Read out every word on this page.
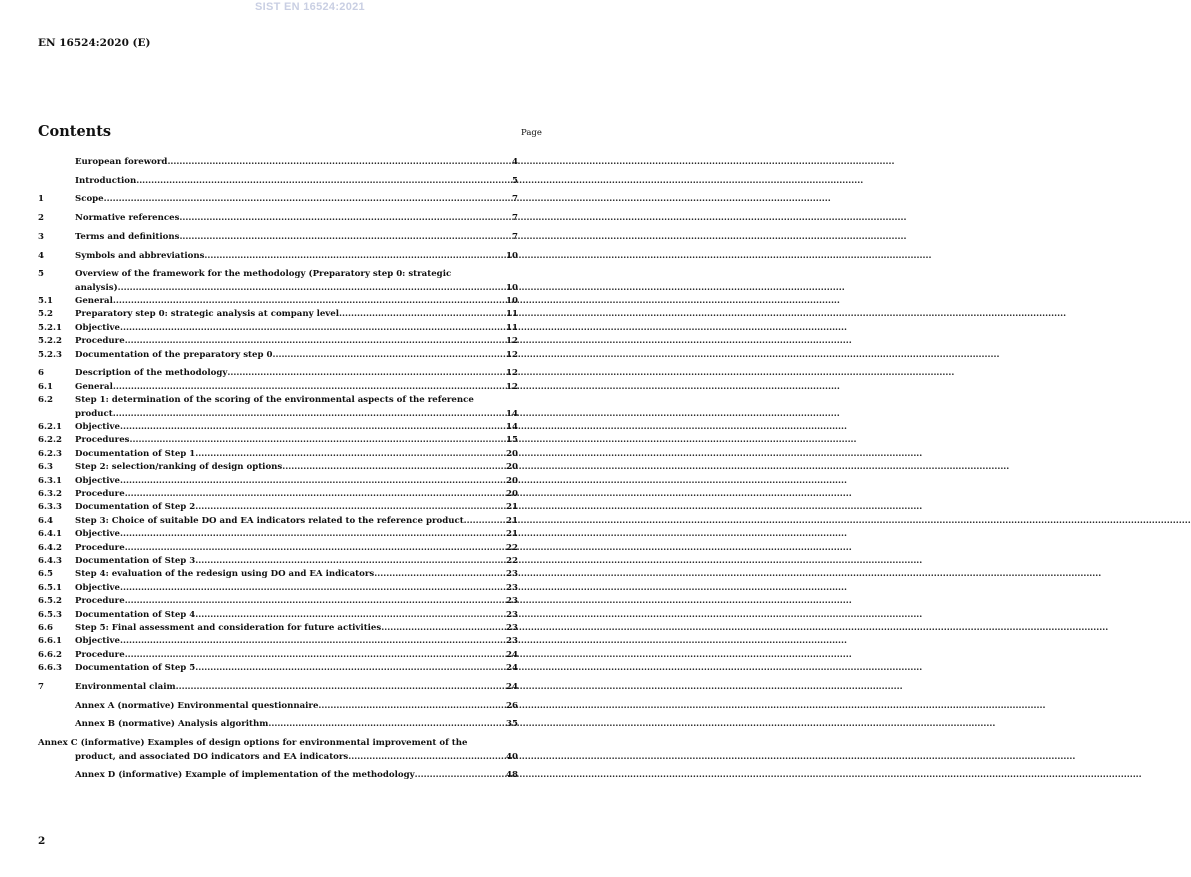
SIST EN 16524:2021
EN 16524:2020 (E)
Contents	Page
European foreword .....	4
Introduction .....	5
1	Scope .....	7
2	Normative references .....	7
3	Terms and definitions .....	7
4	Symbols and abbreviations .....	10
5	Overview of the framework for the methodology (Preparatory step 0: strategic
analysis) .....	10
5.1	General .....	10
5.2	Preparatory step 0: strategic analysis at company level .....	11
5.2.1	Objective .....	11
5.2.2	Procedure .....	12
5.2.3	Documentation of the preparatory step 0 .....	12
6	Description of the methodology .....	12
6.1	General .....	12
6.2	Step 1: determination of the scoring of the environmental aspects of the reference
product .....	14
6.2.1	Objective .....	14
6.2.2	Procedures .....	15
6.2.3	Documentation of Step 1 .....	20
6.3	Step 2: selection/ranking of design options .....	20
6.3.1	Objective .....	20
6.3.2	Procedure .....	20
6.3.3	Documentation of Step 2 .....	21
6.4	Step 3: Choice of suitable DO and EA indicators related to the reference product .....	21
6.4.1	Objective .....	21
6.4.2	Procedure .....	22
6.4.3	Documentation of Step 3 .....	22
6.5	Step 4: evaluation of the redesign using DO and EA indicators .....	23
6.5.1	Objective .....	23
6.5.2	Procedure .....	23
6.5.3	Documentation of Step 4 .....	23
6.6	Step 5: Final assessment and consideration for future activities .....	23
6.6.1	Objective .....	23
6.6.2	Procedure .....	24
6.6.3	Documentation of Step 5 .....	24
7	Environmental claim .....	24
Annex A (normative) Environmental questionnaire .....	26
Annex B (normative) Analysis algorithm .....	35
Annex C (informative) Examples of design options for environmental improvement of the
product, and associated DO indicators and EA indicators .....	40
Annex D (informative) Example of implementation of the methodology .....	48
2
